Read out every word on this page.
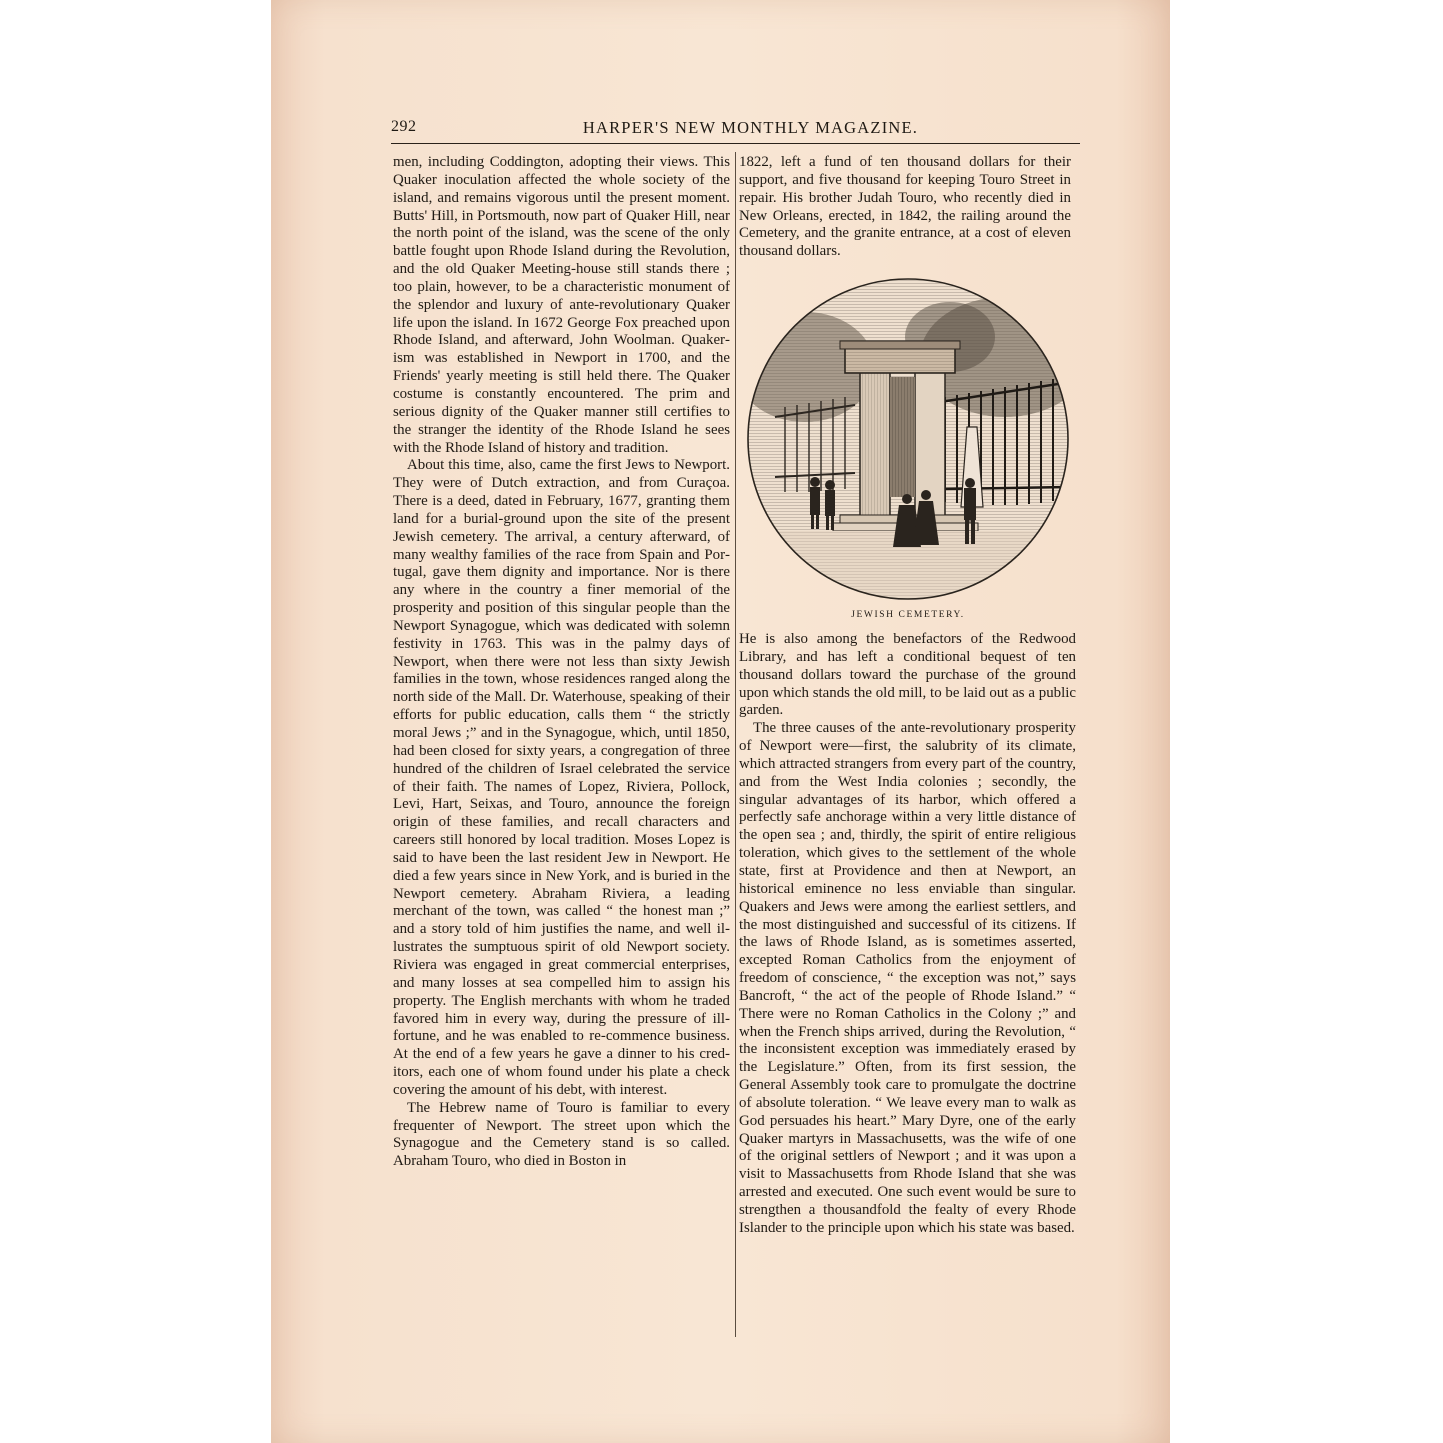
292	HARPER'S NEW MONTHLY MAGAZINE.

men, including Coddington, adopting their views. This Quaker inoculation affected the whole society of the island, and remains vigorous until the present moment. Butts' Hill, in Portsmouth, now part of Quaker Hill, near the north point of the island, was the scene of the only battle fought upon Rhode Island during the Revolution, and the old Quaker Meeting-house still stands there ; too plain, however, to be a characteristic monument of the splendor and luxury of ante-revolutionary Quaker life upon the island. In 1672 George Fox preached upon Rhode Island, and afterward, John Woolman. Quakerism was established in Newport in 1700, and the Friends' yearly meeting is still held there. The Quaker costume is constantly encountered. The prim and serious dignity of the Quaker manner still certifies to the stranger the identity of the Rhode Island he sees with the Rhode Island of history and tradition.

About this time, also, came the first Jews to Newport. They were of Dutch extraction, and from Curaçoa. There is a deed, dated in February, 1677, granting them land for a burial-ground upon the site of the present Jewish cemetery. The arrival, a century afterward, of many wealthy families of the race from Spain and Portugal, gave them dignity and importance. Nor is there any where in the country a finer memorial of the prosperity and position of this singular people than the Newport Synagogue, which was dedicated with solemn festivity in 1763. This was in the palmy days of Newport, when there were not less than sixty Jewish families in the town, whose residences ranged along the north side of the Mall. Dr. Waterhouse, speaking of their efforts for public education, calls them “ the strictly moral Jews ;” and in the Synagogue, which, until 1850, had been closed for sixty years, a congregation of three hundred of the children of Israel celebrated the service of their faith. The names of Lopez, Riviera, Pollock, Levi, Hart, Seixas, and Touro, announce the foreign origin of these families, and recall characters and careers still honored by local tradition. Moses Lopez is said to have been the last resident Jew in Newport. He died a few years since in New York, and is buried in the Newport cemetery. Abraham Riviera, a leading merchant of the town, was called “ the honest man ;” and a story told of him justifies the name, and well illustrates the sumptuous spirit of old Newport society. Riviera was engaged in great commercial enterprises, and many losses at sea compelled him to assign his property. The English merchants with whom he traded favored him in every way, during the pressure of ill-fortune, and he was enabled to re-commence business. At the end of a few years he gave a dinner to his creditors, each one of whom found under his plate a check covering the amount of his debt, with interest.

The Hebrew name of Touro is familiar to every frequenter of Newport. The street upon which the Synagogue and the Cemetery stand is so called. Abraham Touro, who died in Boston in

1822, left a fund of ten thousand dollars for their support, and five thousand for keeping Touro Street in repair. His brother Judah Touro, who recently died in New Orleans, erected, in 1842, the railing around the Cemetery, and the granite entrance, at a cost of eleven thousand dollars.

JEWISH CEMETERY.

He is also among the benefactors of the Redwood Library, and has left a conditional bequest of ten thousand dollars toward the purchase of the ground upon which stands the old mill, to be laid out as a public garden.

The three causes of the ante-revolutionary prosperity of Newport were—first, the salubrity of its climate, which attracted strangers from every part of the country, and from the West India colonies ; secondly, the singular advantages of its harbor, which offered a perfectly safe anchorage within a very little distance of the open sea ; and, thirdly, the spirit of entire religious toleration, which gives to the settlement of the whole state, first at Providence and then at Newport, an historical eminence no less enviable than singular. Quakers and Jews were among the earliest settlers, and the most distinguished and successful of its citizens. If the laws of Rhode Island, as is sometimes asserted, excepted Roman Catholics from the enjoyment of freedom of conscience, “ the exception was not,” says Bancroft, “ the act of the people of Rhode Island.” “ There were no Roman Catholics in the Colony ;” and when the French ships arrived, during the Revolution, “ the inconsistent exception was immediately erased by the Legislature.” Often, from its first session, the General Assembly took care to promulgate the doctrine of absolute toleration. “ We leave every man to walk as God persuades his heart.” Mary Dyre, one of the early Quaker martyrs in Massachusetts, was the wife of one of the original settlers of Newport ; and it was upon a visit to Massachusetts from Rhode Island that she was arrested and executed. One such event would be sure to strengthen a thousandfold the fealty of every Rhode Islander to the principle upon which his state was based.
